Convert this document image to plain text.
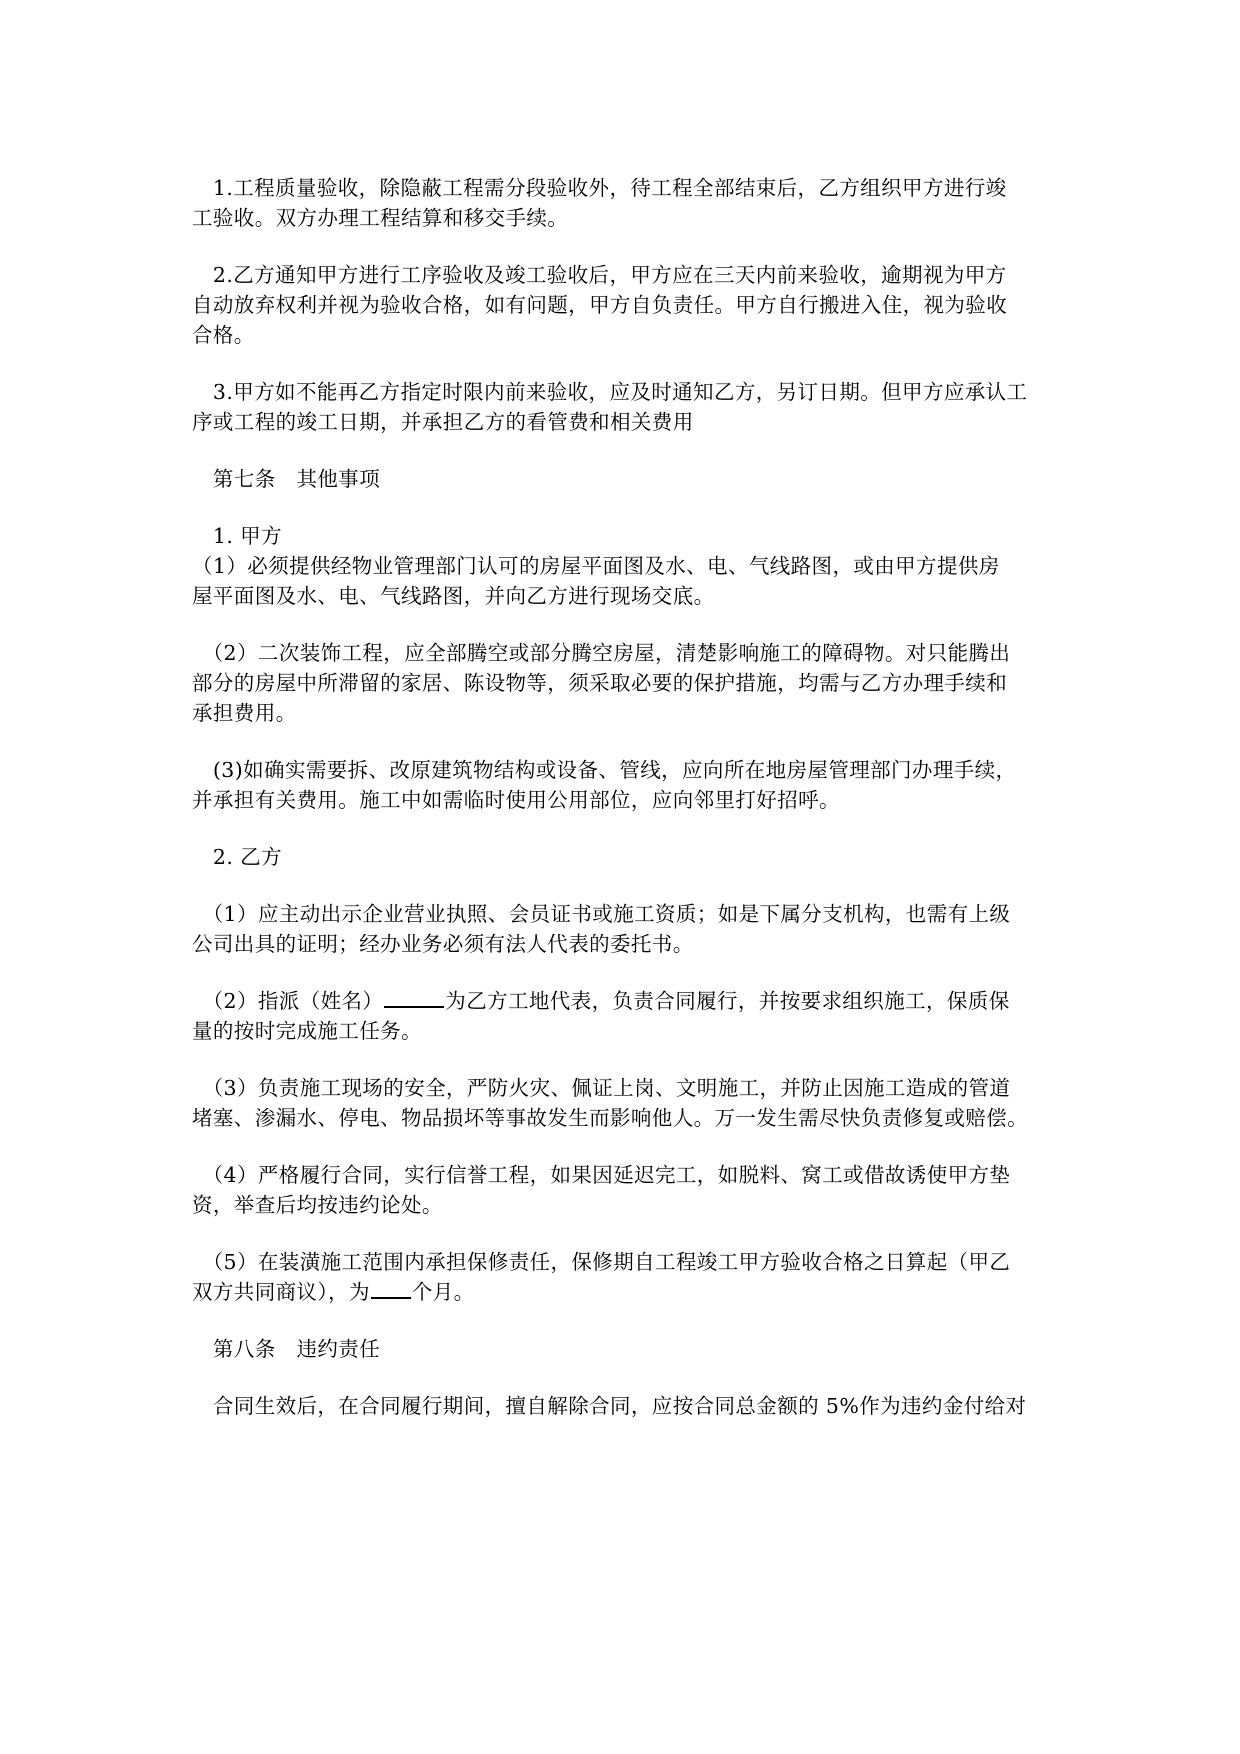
　1.工程质量验收，除隐蔽工程需分段验收外，待工程全部结束后，乙方组织甲方进行竣
工验收。双方办理工程结算和移交手续。
　2.乙方通知甲方进行工序验收及竣工验收后，甲方应在三天内前来验收，逾期视为甲方
自动放弃权利并视为验收合格，如有问题，甲方自负责任。甲方自行搬进入住，视为验收
合格。
　3.甲方如不能再乙方指定时限内前来验收，应及时通知乙方，另订日期。但甲方应承认工
序或工程的竣工日期，并承担乙方的看管费和相关费用
　第七条　其他事项
　1. 甲方
（1）必须提供经物业管理部门认可的房屋平面图及水、电、气线路图，或由甲方提供房
屋平面图及水、电、气线路图，并向乙方进行现场交底。
　（2）二次装饰工程，应全部腾空或部分腾空房屋，清楚影响施工的障碍物。对只能腾出
部分的房屋中所滞留的家居、陈设物等，须采取必要的保护措施，均需与乙方办理手续和
承担费用。
　(3)如确实需要拆、改原建筑物结构或设备、管线，应向所在地房屋管理部门办理手续，
并承担有关费用。施工中如需临时使用公用部位，应向邻里打好招呼。
　2. 乙方
　（1）应主动出示企业营业执照、会员证书或施工资质；如是下属分支机构，也需有上级
公司出具的证明；经办业务必须有法人代表的委托书。
　（2）指派（姓名）	为乙方工地代表，负责合同履行，并按要求组织施工，保质保
量的按时完成施工任务。
　（3）负责施工现场的安全，严防火灾、佩证上岗、文明施工，并防止因施工造成的管道
堵塞、渗漏水、停电、物品损坏等事故发生而影响他人。万一发生需尽快负责修复或赔偿。
　（4）严格履行合同，实行信誉工程，如果因延迟完工，如脱料、窝工或借故诱使甲方垫
资，举查后均按违约论处。
　（5）在装潢施工范围内承担保修责任，保修期自工程竣工甲方验收合格之日算起（甲乙
双方共同商议），为 个月。
　第八条　违约责任
　合同生效后，在合同履行期间，擅自解除合同，应按合同总金额的 5%作为违约金付给对
